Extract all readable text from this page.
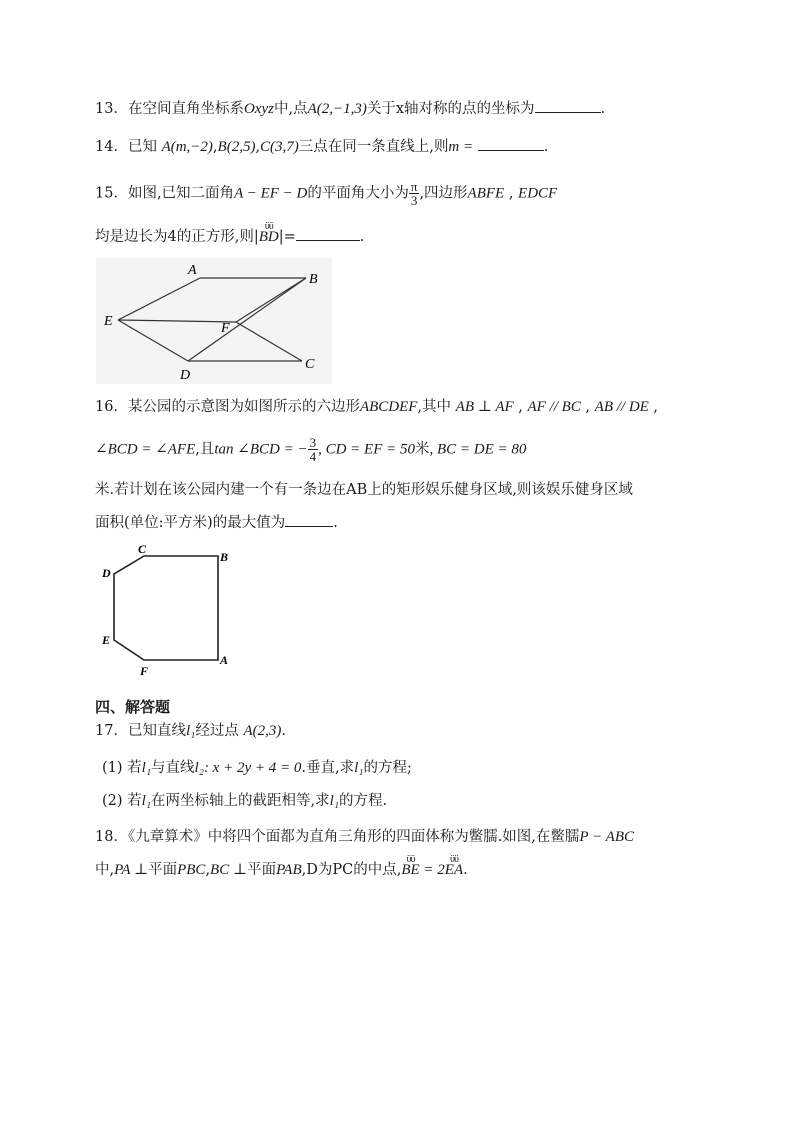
13．在空间直角坐标系Oxyz中,点A(2,−1,3)关于x轴对称的点的坐标为	.
14．已知 A(m,−2),B(2,5),C(3,7)三点在同一条直线上,则m =	.
15．如图,已知二面角A − EF − D的平面角大小为 $\frac{\pi}{3}$ ,四边形ABFE , EDCF
均是边长为4的正方形,则|
ϋϋ
BD|=	.
A
B
E	F
D
C
16．某公园的示意图为如图所示的六边形ABCDEF,其中 AB ⊥ AF , AF // BC , AB // DE ,
∠BCD = ∠AFE,且tan ∠BCD = − $\frac{3}{4}$ , CD = EF = 50米, BC = DE = 80
米.若计划在该公园内建一个有一条边在AB上的矩形娱乐健身区域,则该娱乐健身区域
面积(单位:平方米)的最大值为	.
C
B
D
E
A
F
四、解答题
17．已知直线l₁经过点 A(2,3).
(1) 若l₁与直线l₂: x + 2y + 4 = 0.垂直,求l₁的方程;
(2) 若l₁在两坐标轴上的截距相等,求l₁的方程.
18．《九章算术》中将四个面都为直角三角形的四面体称为鳖臑.如图,在鳖臑P − ABC
中,PA ⊥平面PBC,BC ⊥平面PAB,D为PC的中点,
ϋϋ
BE = 2
ϋϋ
EA.
